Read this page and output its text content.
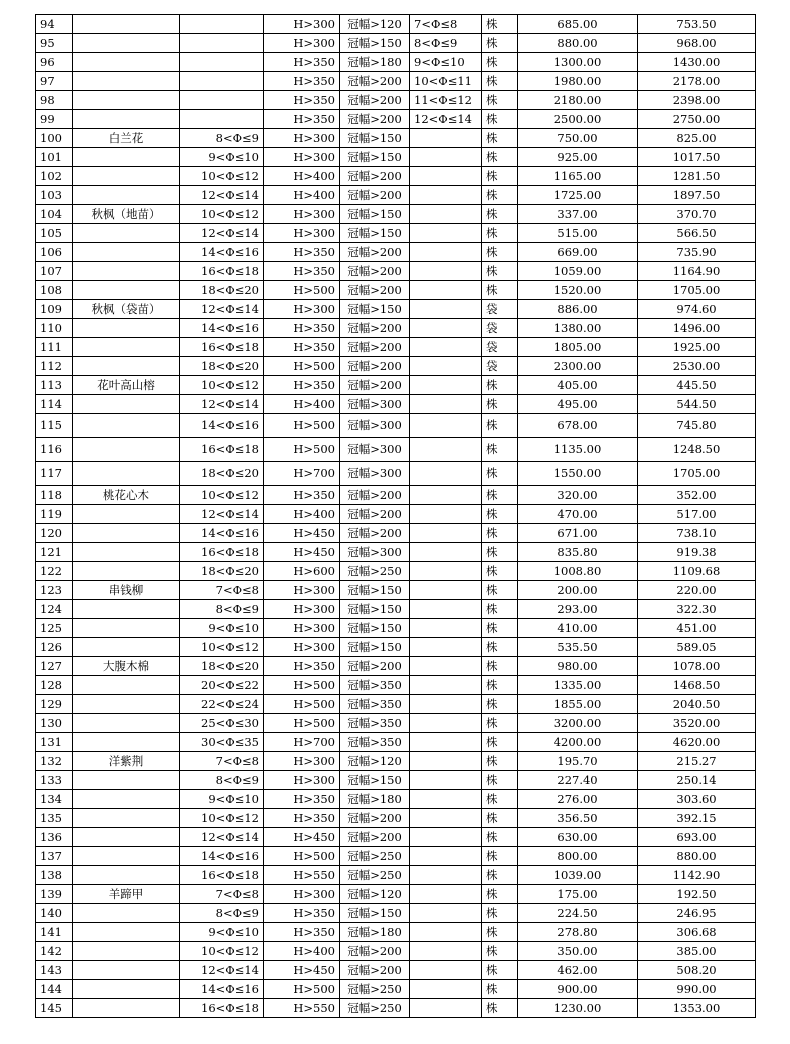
94			H>300	冠幅>120	7<Φ≤8	株	685.00	753.50
95			H>300	冠幅>150	8<Φ≤9	株	880.00	968.00
96			H>350	冠幅>180	9<Φ≤10	株	1300.00	1430.00
97			H>350	冠幅>200	10<Φ≤11	株	1980.00	2178.00
98			H>350	冠幅>200	11<Φ≤12	株	2180.00	2398.00
99			H>350	冠幅>200	12<Φ≤14	株	2500.00	2750.00
100	白兰花	8<Φ≤9	H>300	冠幅>150		株	750.00	825.00
101		9<Φ≤10	H>300	冠幅>150		株	925.00	1017.50
102		10<Φ≤12	H>400	冠幅>200		株	1165.00	1281.50
103		12<Φ≤14	H>400	冠幅>200		株	1725.00	1897.50
104	秋枫（地苗）	10<Φ≤12	H>300	冠幅>150		株	337.00	370.70
105		12<Φ≤14	H>300	冠幅>150		株	515.00	566.50
106		14<Φ≤16	H>350	冠幅>200		株	669.00	735.90
107		16<Φ≤18	H>350	冠幅>200		株	1059.00	1164.90
108		18<Φ≤20	H>500	冠幅>200		株	1520.00	1705.00
109	秋枫（袋苗）	12<Φ≤14	H>300	冠幅>150		袋	886.00	974.60
110		14<Φ≤16	H>350	冠幅>200		袋	1380.00	1496.00
111		16<Φ≤18	H>350	冠幅>200		袋	1805.00	1925.00
112		18<Φ≤20	H>500	冠幅>200		袋	2300.00	2530.00
113	花叶高山榕	10<Φ≤12	H>350	冠幅>200		株	405.00	445.50
114		12<Φ≤14	H>400	冠幅>300		株	495.00	544.50
115		14<Φ≤16	H>500	冠幅>300		株	678.00	745.80
116		16<Φ≤18	H>500	冠幅>300		株	1135.00	1248.50
117		18<Φ≤20	H>700	冠幅>300		株	1550.00	1705.00
118	桃花心木	10<Φ≤12	H>350	冠幅>200		株	320.00	352.00
119		12<Φ≤14	H>400	冠幅>200		株	470.00	517.00
120		14<Φ≤16	H>450	冠幅>200		株	671.00	738.10
121		16<Φ≤18	H>450	冠幅>300		株	835.80	919.38
122		18<Φ≤20	H>600	冠幅>250		株	1008.80	1109.68
123	串钱柳	7<Φ≤8	H>300	冠幅>150		株	200.00	220.00
124		8<Φ≤9	H>300	冠幅>150		株	293.00	322.30
125		9<Φ≤10	H>300	冠幅>150		株	410.00	451.00
126		10<Φ≤12	H>300	冠幅>150		株	535.50	589.05
127	大腹木棉	18<Φ≤20	H>350	冠幅>200		株	980.00	1078.00
128		20<Φ≤22	H>500	冠幅>350		株	1335.00	1468.50
129		22<Φ≤24	H>500	冠幅>350		株	1855.00	2040.50
130		25<Φ≤30	H>500	冠幅>350		株	3200.00	3520.00
131		30<Φ≤35	H>700	冠幅>350		株	4200.00	4620.00
132	洋紫荆	7<Φ≤8	H>300	冠幅>120		株	195.70	215.27
133		8<Φ≤9	H>300	冠幅>150		株	227.40	250.14
134		9<Φ≤10	H>350	冠幅>180		株	276.00	303.60
135		10<Φ≤12	H>350	冠幅>200		株	356.50	392.15
136		12<Φ≤14	H>450	冠幅>200		株	630.00	693.00
137		14<Φ≤16	H>500	冠幅>250		株	800.00	880.00
138		16<Φ≤18	H>550	冠幅>250		株	1039.00	1142.90
139	羊蹄甲	7<Φ≤8	H>300	冠幅>120		株	175.00	192.50
140		8<Φ≤9	H>350	冠幅>150		株	224.50	246.95
141		9<Φ≤10	H>350	冠幅>180		株	278.80	306.68
142		10<Φ≤12	H>400	冠幅>200		株	350.00	385.00
143		12<Φ≤14	H>450	冠幅>200		株	462.00	508.20
144		14<Φ≤16	H>500	冠幅>250		株	900.00	990.00
145		16<Φ≤18	H>550	冠幅>250		株	1230.00	1353.00
